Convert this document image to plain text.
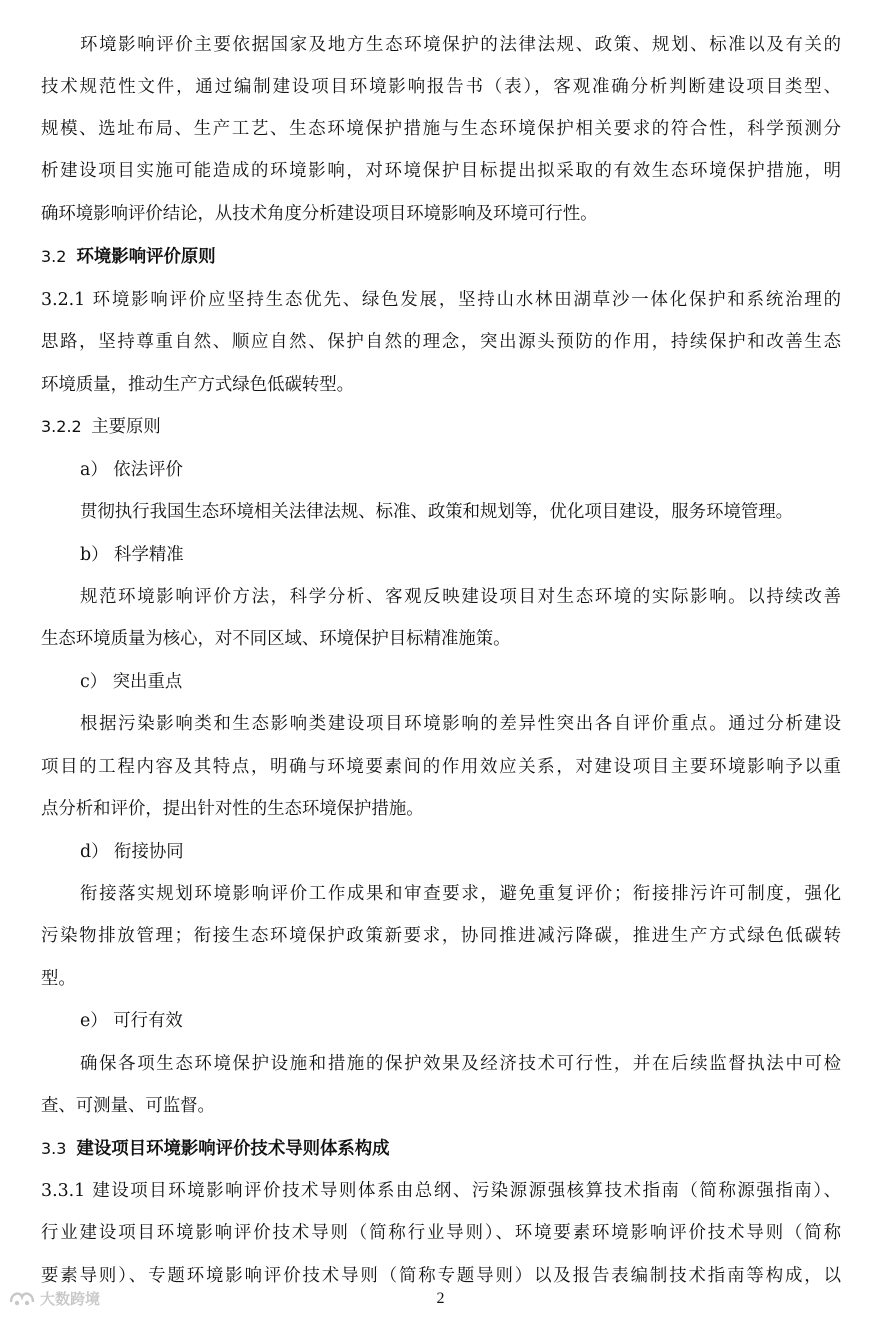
环境影响评价主要依据国家及地方生态环境保护的法律法规、政策、规划、标准以及有关的
技术规范性文件，通过编制建设项目环境影响报告书（表），客观准确分析判断建设项目类型、
规模、选址布局、生产工艺、生态环境保护措施与生态环境保护相关要求的符合性，科学预测分
析建设项目实施可能造成的环境影响，对环境保护目标提出拟采取的有效生态环境保护措施，明
确环境影响评价结论，从技术角度分析建设项目环境影响及环境可行性。
3.2 环境影响评价原则
3.2.1 环境影响评价应坚持生态优先、绿色发展，坚持山水林田湖草沙一体化保护和系统治理的
思路，坚持尊重自然、顺应自然、保护自然的理念，突出源头预防的作用，持续保护和改善生态
环境质量，推动生产方式绿色低碳转型。
3.2.2 主要原则
a） 依法评价
贯彻执行我国生态环境相关法律法规、标准、政策和规划等，优化项目建设，服务环境管理。
b） 科学精准
规范环境影响评价方法，科学分析、客观反映建设项目对生态环境的实际影响。以持续改善
生态环境质量为核心，对不同区域、环境保护目标精准施策。
c） 突出重点
根据污染影响类和生态影响类建设项目环境影响的差异性突出各自评价重点。通过分析建设
项目的工程内容及其特点，明确与环境要素间的作用效应关系，对建设项目主要环境影响予以重
点分析和评价，提出针对性的生态环境保护措施。
d） 衔接协同
衔接落实规划环境影响评价工作成果和审查要求，避免重复评价；衔接排污许可制度，强化
污染物排放管理；衔接生态环境保护政策新要求，协同推进减污降碳，推进生产方式绿色低碳转
型。
e） 可行有效
确保各项生态环境保护设施和措施的保护效果及经济技术可行性，并在后续监督执法中可检
查、可测量、可监督。
3.3 建设项目环境影响评价技术导则体系构成
3.3.1 建设项目环境影响评价技术导则体系由总纲、污染源源强核算技术指南（简称源强指南）、
行业建设项目环境影响评价技术导则（简称行业导则）、环境要素环境影响评价技术导则（简称
要素导则）、专题环境影响评价技术导则（简称专题导则）以及报告表编制技术指南等构成，以
大数跨境	2
